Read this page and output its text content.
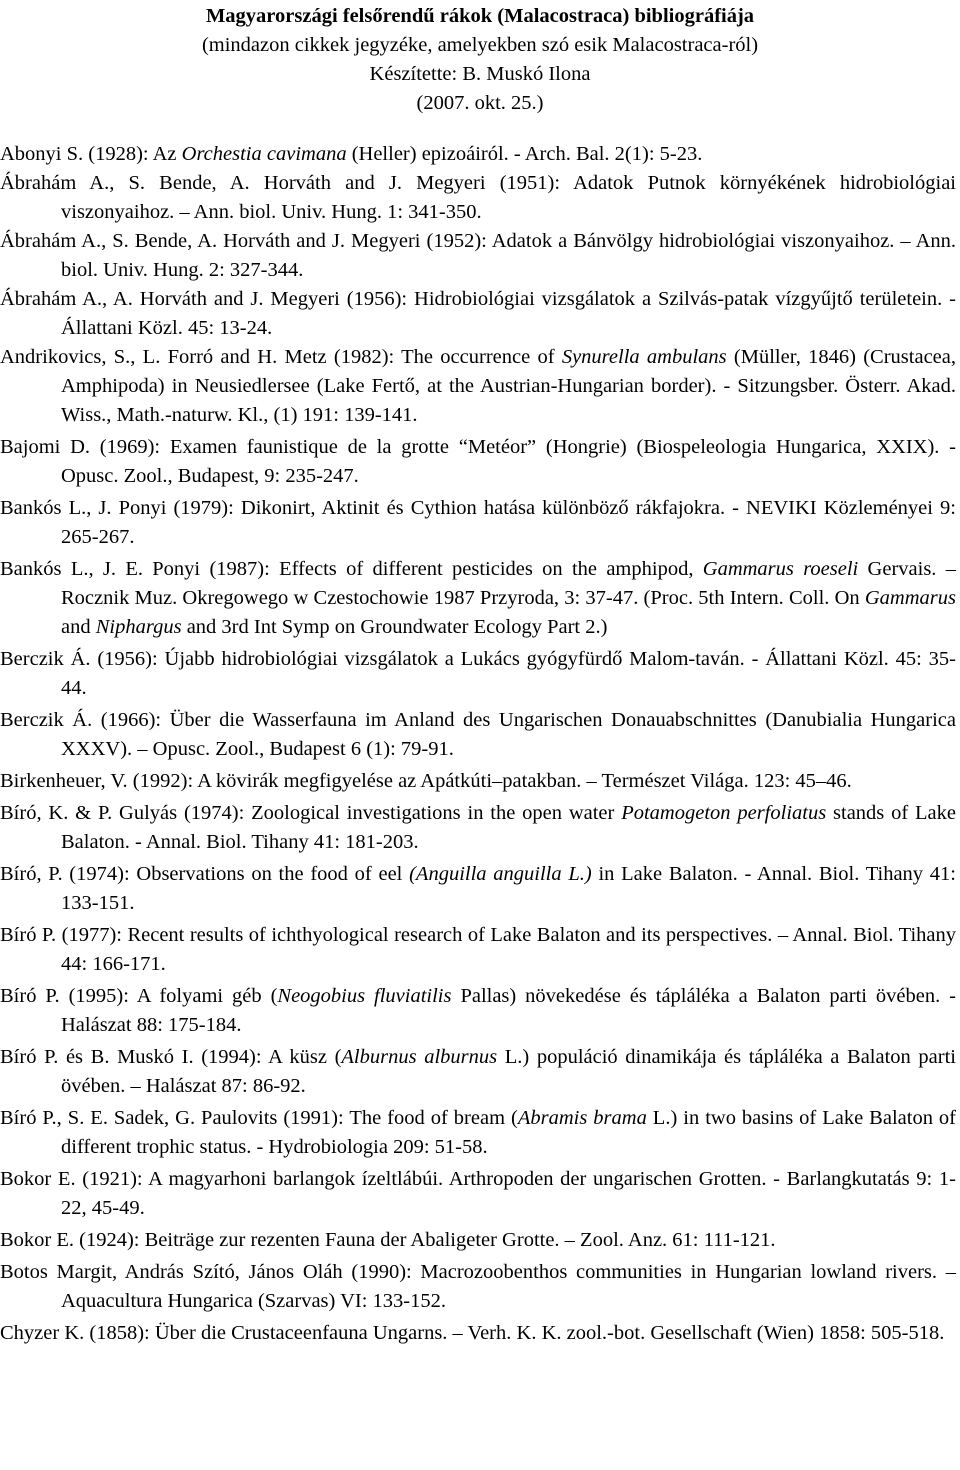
Magyarországi felsőrendű rákok (Malacostraca) bibliográfiája
(mindazon cikkek jegyzéke, amelyekben szó esik Malacostraca-ról)
Készítette: B. Muskó Ilona
(2007. okt. 25.)
Abonyi S. (1928): Az Orchestia cavimana (Heller) epizoáiról. - Arch. Bal. 2(1): 5-23.
Ábrahám A., S. Bende, A. Horváth and J. Megyeri (1951): Adatok Putnok környékének hidrobiológiai viszonyaihoz. – Ann. biol. Univ. Hung. 1: 341-350.
Ábrahám A., S. Bende, A. Horváth and J. Megyeri (1952): Adatok a Bánvölgy hidrobiológiai viszonyaihoz. – Ann. biol. Univ. Hung. 2: 327-344.
Ábrahám A., A. Horváth and J. Megyeri (1956): Hidrobiológiai vizsgálatok a Szilvás-patak vízgyűjtő területein. - Állattani Közl. 45: 13-24.
Andrikovics, S., L. Forró and H. Metz (1982): The occurrence of Synurella ambulans (Müller, 1846) (Crustacea, Amphipoda) in Neusiedlersee (Lake Fertő, at the Austrian-Hungarian border). - Sitzungsber. Österr. Akad. Wiss., Math.-naturw. Kl., (1) 191: 139-141.
Bajomi D. (1969): Examen faunistique de la grotte “Metéor” (Hongrie) (Biospeleologia Hungarica, XXIX). - Opusc. Zool., Budapest, 9: 235-247.
Bankós L., J. Ponyi (1979): Dikonirt, Aktinit és Cythion hatása különböző rákfajokra. - NEVIKI Közleményei 9: 265-267.
Bankós L., J. E. Ponyi (1987): Effects of different pesticides on the amphipod, Gammarus roeseli Gervais. – Rocznik Muz. Okregowego w Czestochowie 1987 Przyroda, 3: 37-47. (Proc. 5th Intern. Coll. On Gammarus and Niphargus and 3rd Int Symp on Groundwater Ecology Part 2.)
Berczik Á. (1956): Újabb hidrobiológiai vizsgálatok a Lukács gyógyfürdő Malom-taván. - Állattani Közl. 45: 35-44.
Berczik Á. (1966): Über die Wasserfauna im Anland des Ungarischen Donauabschnittes (Danubialia Hungarica XXXV). – Opusc. Zool., Budapest 6 (1): 79-91.
Birkenheuer, V. (1992): A kövirák megfigyelése az Apátkúti–patakban. – Természet Világa. 123: 45–46.
Bíró, K. & P. Gulyás (1974): Zoological investigations in the open water Potamogeton perfoliatus stands of Lake Balaton. - Annal. Biol. Tihany 41: 181-203.
Bíró, P. (1974): Observations on the food of eel (Anguilla anguilla L.) in Lake Balaton. - Annal. Biol. Tihany 41: 133-151.
Bíró P. (1977): Recent results of ichthyological research of Lake Balaton and its perspectives. – Annal. Biol. Tihany 44: 166-171.
Bíró P. (1995): A folyami géb (Neogobius fluviatilis Pallas) növekedése és tápláléka a Balaton parti övében. - Halászat 88: 175-184.
Bíró P. és B. Muskó I. (1994): A küsz (Alburnus alburnus L.) populáció dinamikája és tápláléka a Balaton parti övében. – Halászat 87: 86-92.
Bíró P., S. E. Sadek, G. Paulovits (1991): The food of bream (Abramis brama L.) in two basins of Lake Balaton of different trophic status. - Hydrobiologia 209: 51-58.
Bokor E. (1921): A magyarhoni barlangok ízeltlábúi. Arthropoden der ungarischen Grotten. - Barlangkutatás 9: 1-22, 45-49.
Bokor E. (1924): Beiträge zur rezenten Fauna der Abaligeter Grotte. – Zool. Anz. 61: 111-121.
Botos Margit, András Szító, János Oláh (1990): Macrozoobenthos communities in Hungarian lowland rivers. – Aquacultura Hungarica (Szarvas) VI: 133-152.
Chyzer K. (1858): Über die Crustaceenfauna Ungarns. – Verh. K. K. zool.-bot. Gesellschaft (Wien) 1858: 505-518.
